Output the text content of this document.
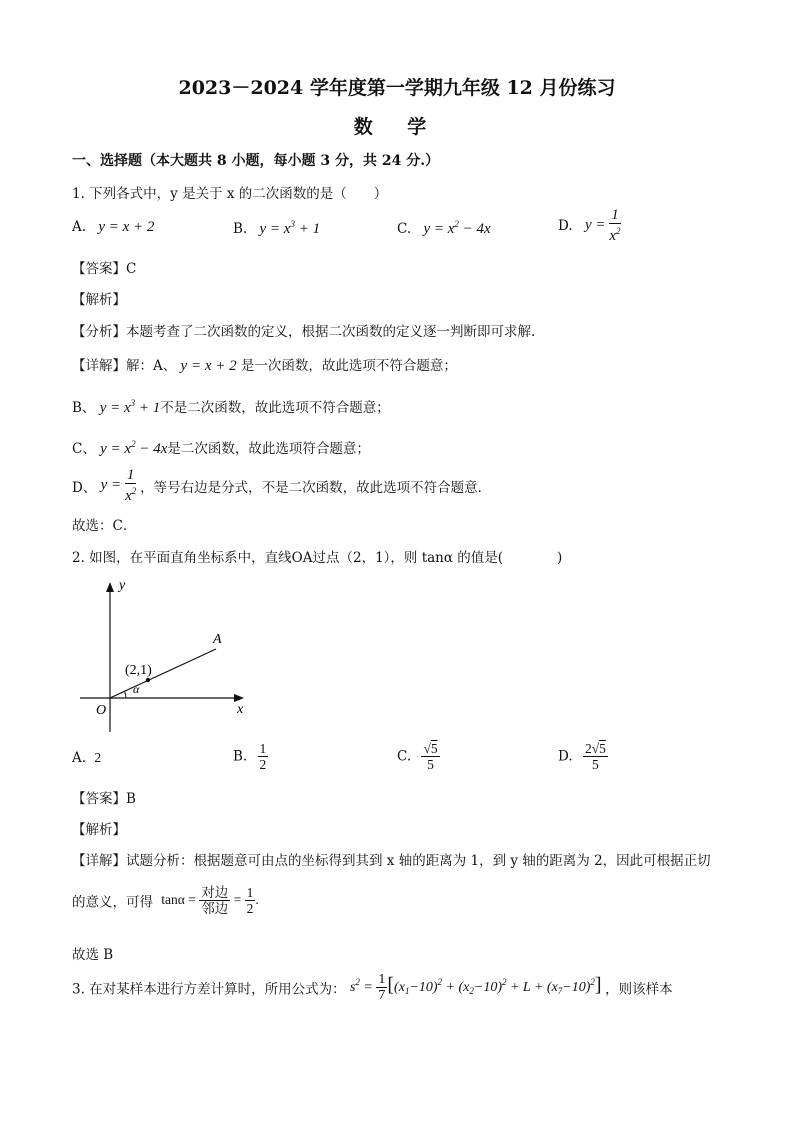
2023－2024 学年度第一学期九年级 12 月份练习
数 学
一、选择题（本大题共 8 小题，每小题 3 分，共 24 分.）
1. 下列各式中，y 是关于 x 的二次函数的是（　　）
A. y = x + 2	B. $y = x^3 + 1$	C. $y = x^2 - 4x$	D. $y = \frac{1}{x^2}$
【答案】C
【解析】
【分析】本题考查了二次函数的定义，根据二次函数的定义逐一判断即可求解．
【详解】解：A、 y = x + 2 是一次函数，故此选项不符合题意；
B、 $y = x^3 + 1$不是二次函数，故此选项不符合题意；
C、 $y = x^2 - 4x$是二次函数，故此选项符合题意；
D、 $y = \frac{1}{x^2}$ ，等号右边是分式，不是二次函数，故此选项不符合题意．
故选：C．
2. 如图，在平面直角坐标系中，直线OA过点（2，1），则 tanα 的值是(　　　　)
y
x
O
A
(2,1)
α
A. 2	B. $\frac{1}{2}$	C. $\frac{√5}{5}$	D. $\frac{2√5}{5}$
【答案】B
【解析】
【详解】试题分析：根据题意可由点的坐标得到其到 x 轴的距离为 1，到 y 轴的距离为 2，因此可根据正切
的意义，可得 $\tan\alpha = \frac{\text{对边}}{\text{邻边}} = \frac{1}{2}$ .
故选 B
3. 在对某样本进行方差计算时，所用公式为： $s^2 = \frac{1}{7} [(x_1-10)^2 + (x_2-10)^2 + L + (x_7-10)^2]$ ，则该样本
